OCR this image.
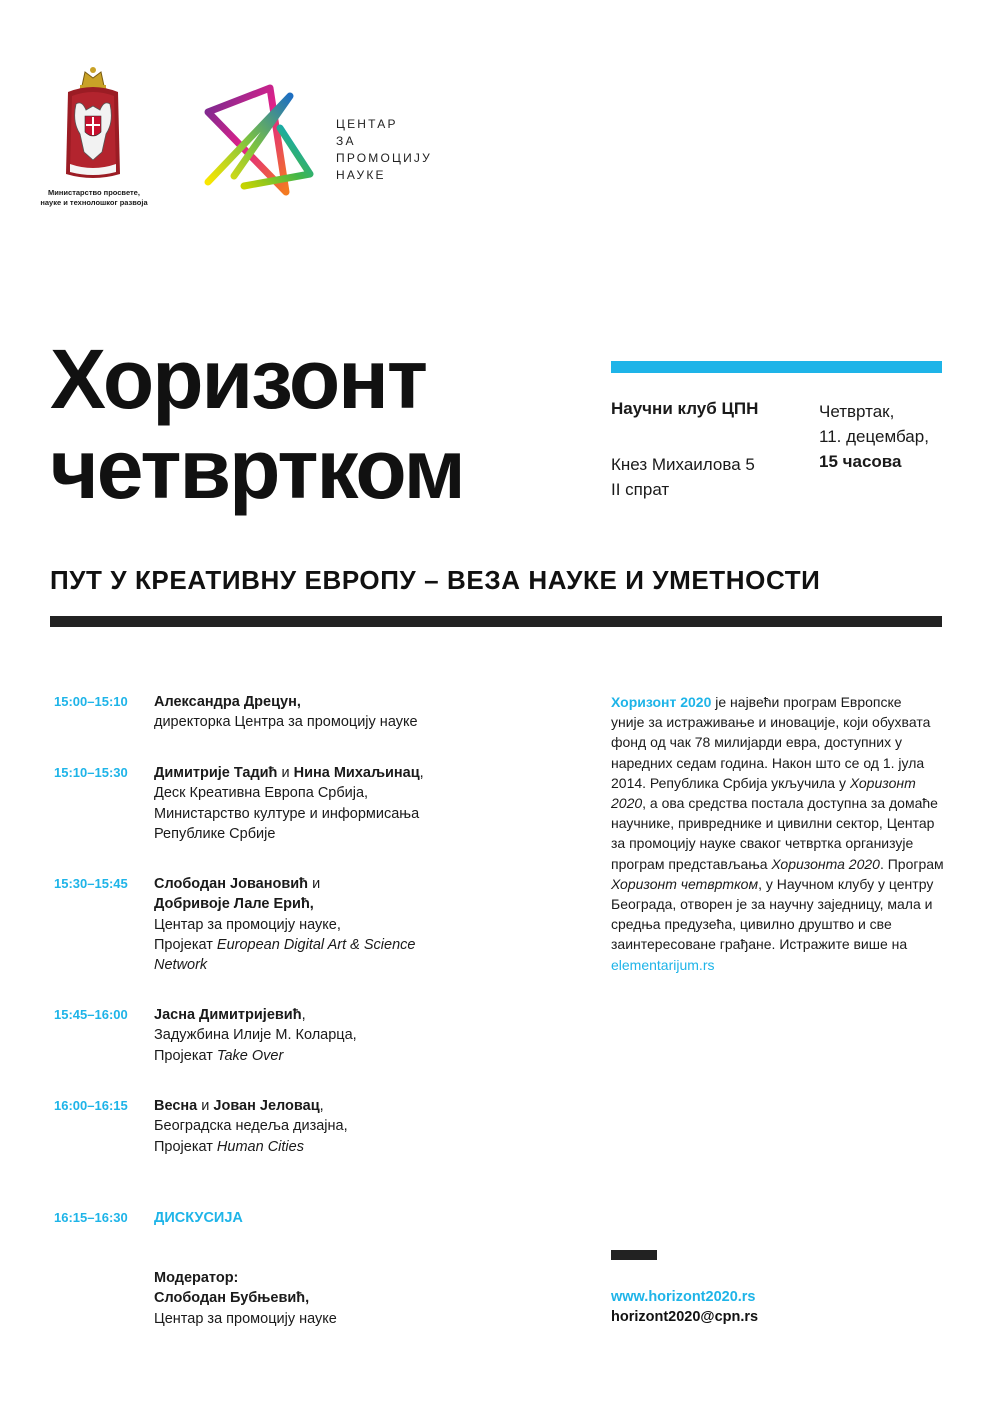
Министарство просвете,
науке и технолошког развоја
ЦЕНТАР
ЗА
ПРОМОЦИЈУ
НАУКЕ
Хоризонт
четвртком
Научни клуб ЦПН
Кнез Михаилова 5
II спрат
Четвртак,
11. децембар,
15 часова
ПУТ У КРЕАТИВНУ ЕВРОПУ – ВЕЗА НАУКЕ И УМЕТНОСТИ
15:00–15:10 Александра Дрецун,
директорка Центра за промоцију науке
15:10–15:30 Димитрије Тадић и Нина Михаљинац,
Деск Креативна Европа Србија,
Министарство културе и информисања
Републике Србије
15:30–15:45 Слободан Јовановић и
Добривоје Лале Ерић,
Центар за промоцију науке,
Пројекат European Digital Art & Science
Network
15:45–16:00 Јасна Димитријевић,
Задужбина Илије М. Коларца,
Пројекат Take Over
16:00–16:15 Весна и Јован Јеловац,
Београдска недеља дизајна,
Пројекат Human Cities
16:15–16:30 ДИСКУСИЈА
Модератор:
Слободан Бубњевић,
Центар за промоцију науке
Хоризонт 2020 је највећи програм Европске
уније за истраживање и иновације, који обухвата
фонд од чак 78 милијарди евра, доступних у
наредних седам година. Након што се од 1. јула
2014. Република Србија укључила у Хоризонт
2020, а ова средства постала доступна за домаће
научнике, привреднике и цивилни сектор, Центар
за промоцију науке сваког четвртка организује
програм представљања Хоризонта 2020. Програм
Хоризонт четвртком, у Научном клубу у центру
Београда, отворен је за научну заједницу, мала и
средња предузећа, цивилно друштво и све
заинтересоване грађане. Истражите више на
elementarijum.rs
www.horizont2020.rs
horizont2020@cpn.rs
